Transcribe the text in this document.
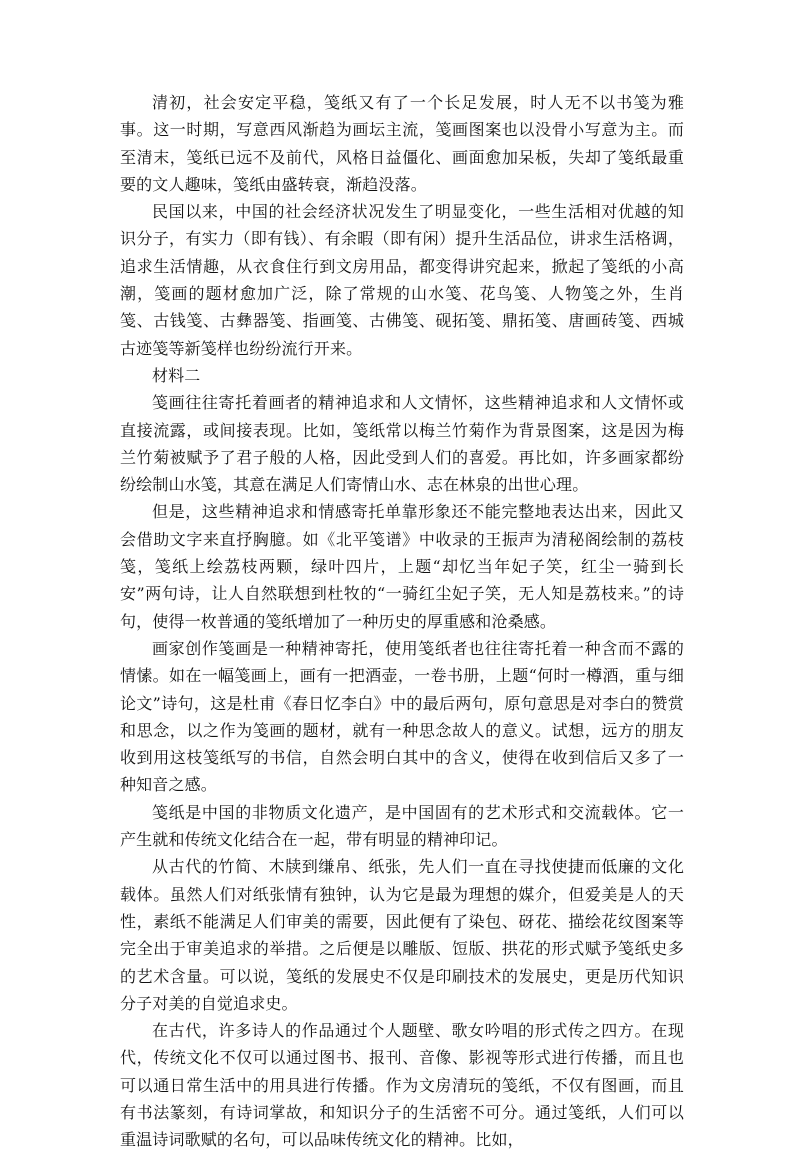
清初，社会安定平稳，笺纸又有了一个长足发展，时人无不以书笺为雅事。这一时期，写意西风渐趋为画坛主流，笺画图案也以没骨小写意为主。而至清末，笺纸已远不及前代，风格日益僵化、画面愈加呆板，失却了笺纸最重要的文人趣味，笺纸由盛转衰，渐趋没落。

民国以来，中国的社会经济状况发生了明显变化，一些生活相对优越的知识分子，有实力（即有钱）、有余暇（即有闲）提升生活品位，讲求生活格调，追求生活情趣，从衣食住行到文房用品，都变得讲究起来，掀起了笺纸的小高潮，笺画的题材愈加广泛，除了常规的山水笺、花鸟笺、人物笺之外，生肖笺、古钱笺、古彝器笺、指画笺、古佛笺、砚拓笺、鼎拓笺、唐画砖笺、西城古迹笺等新笺样也纷纷流行开来。

材料二

笺画往往寄托着画者的精神追求和人文情怀，这些精神追求和人文情怀或直接流露，或间接表现。比如，笺纸常以梅兰竹菊作为背景图案，这是因为梅兰竹菊被赋予了君子般的人格，因此受到人们的喜爱。再比如，许多画家都纷纷绘制山水笺，其意在满足人们寄情山水、志在林泉的出世心理。

但是，这些精神追求和情感寄托单靠形象还不能完整地表达出来，因此又会借助文字来直抒胸臆。如《北平笺谱》中收录的王振声为清秘阁绘制的荔枝笺，笺纸上绘荔枝两颗，绿叶四片，上题“却忆当年妃子笑，红尘一骑到长安”两句诗，让人自然联想到杜牧的“一骑红尘妃子笑，无人知是荔枝来。”的诗句，使得一枚普通的笺纸增加了一种历史的厚重感和沧桑感。

画家创作笺画是一种精神寄托，使用笺纸者也往往寄托着一种含而不露的情愫。如在一幅笺画上，画有一把酒壶，一卷书册，上题“何时一樽酒，重与细论文”诗句，这是杜甫《春日忆李白》中的最后两句，原句意思是对李白的赞赏和思念，以之作为笺画的题材，就有一种思念故人的意义。试想，远方的朋友收到用这枝笺纸写的书信，自然会明白其中的含义，使得在收到信后又多了一种知音之感。

笺纸是中国的非物质文化遗产，是中国固有的艺术形式和交流载体。它一产生就和传统文化结合在一起，带有明显的精神印记。

从古代的竹简、木牍到缣帛、纸张，先人们一直在寻找使捷而低廉的文化载体。虽然人们对纸张情有独钟，认为它是最为理想的媒介，但爱美是人的天性，素纸不能满足人们审美的需要，因此便有了染包、砑花、描绘花纹图案等完全出于审美追求的举措。之后便是以雕版、饾版、拱花的形式赋予笺纸史多的艺术含量。可以说，笺纸的发展史不仅是印刷技术的发展史，更是历代知识分子对美的自觉追求史。

在古代，许多诗人的作品通过个人题壁、歌女吟唱的形式传之四方。在现代，传统文化不仅可以通过图书、报刊、音像、影视等形式进行传播，而且也可以通日常生活中的用具进行传播。作为文房清玩的笺纸，不仅有图画，而且有书法篆刻，有诗词掌故，和知识分子的生活密不可分。通过笺纸，人们可以重温诗词歌赋的名句，可以品味传统文化的精神。比如，
